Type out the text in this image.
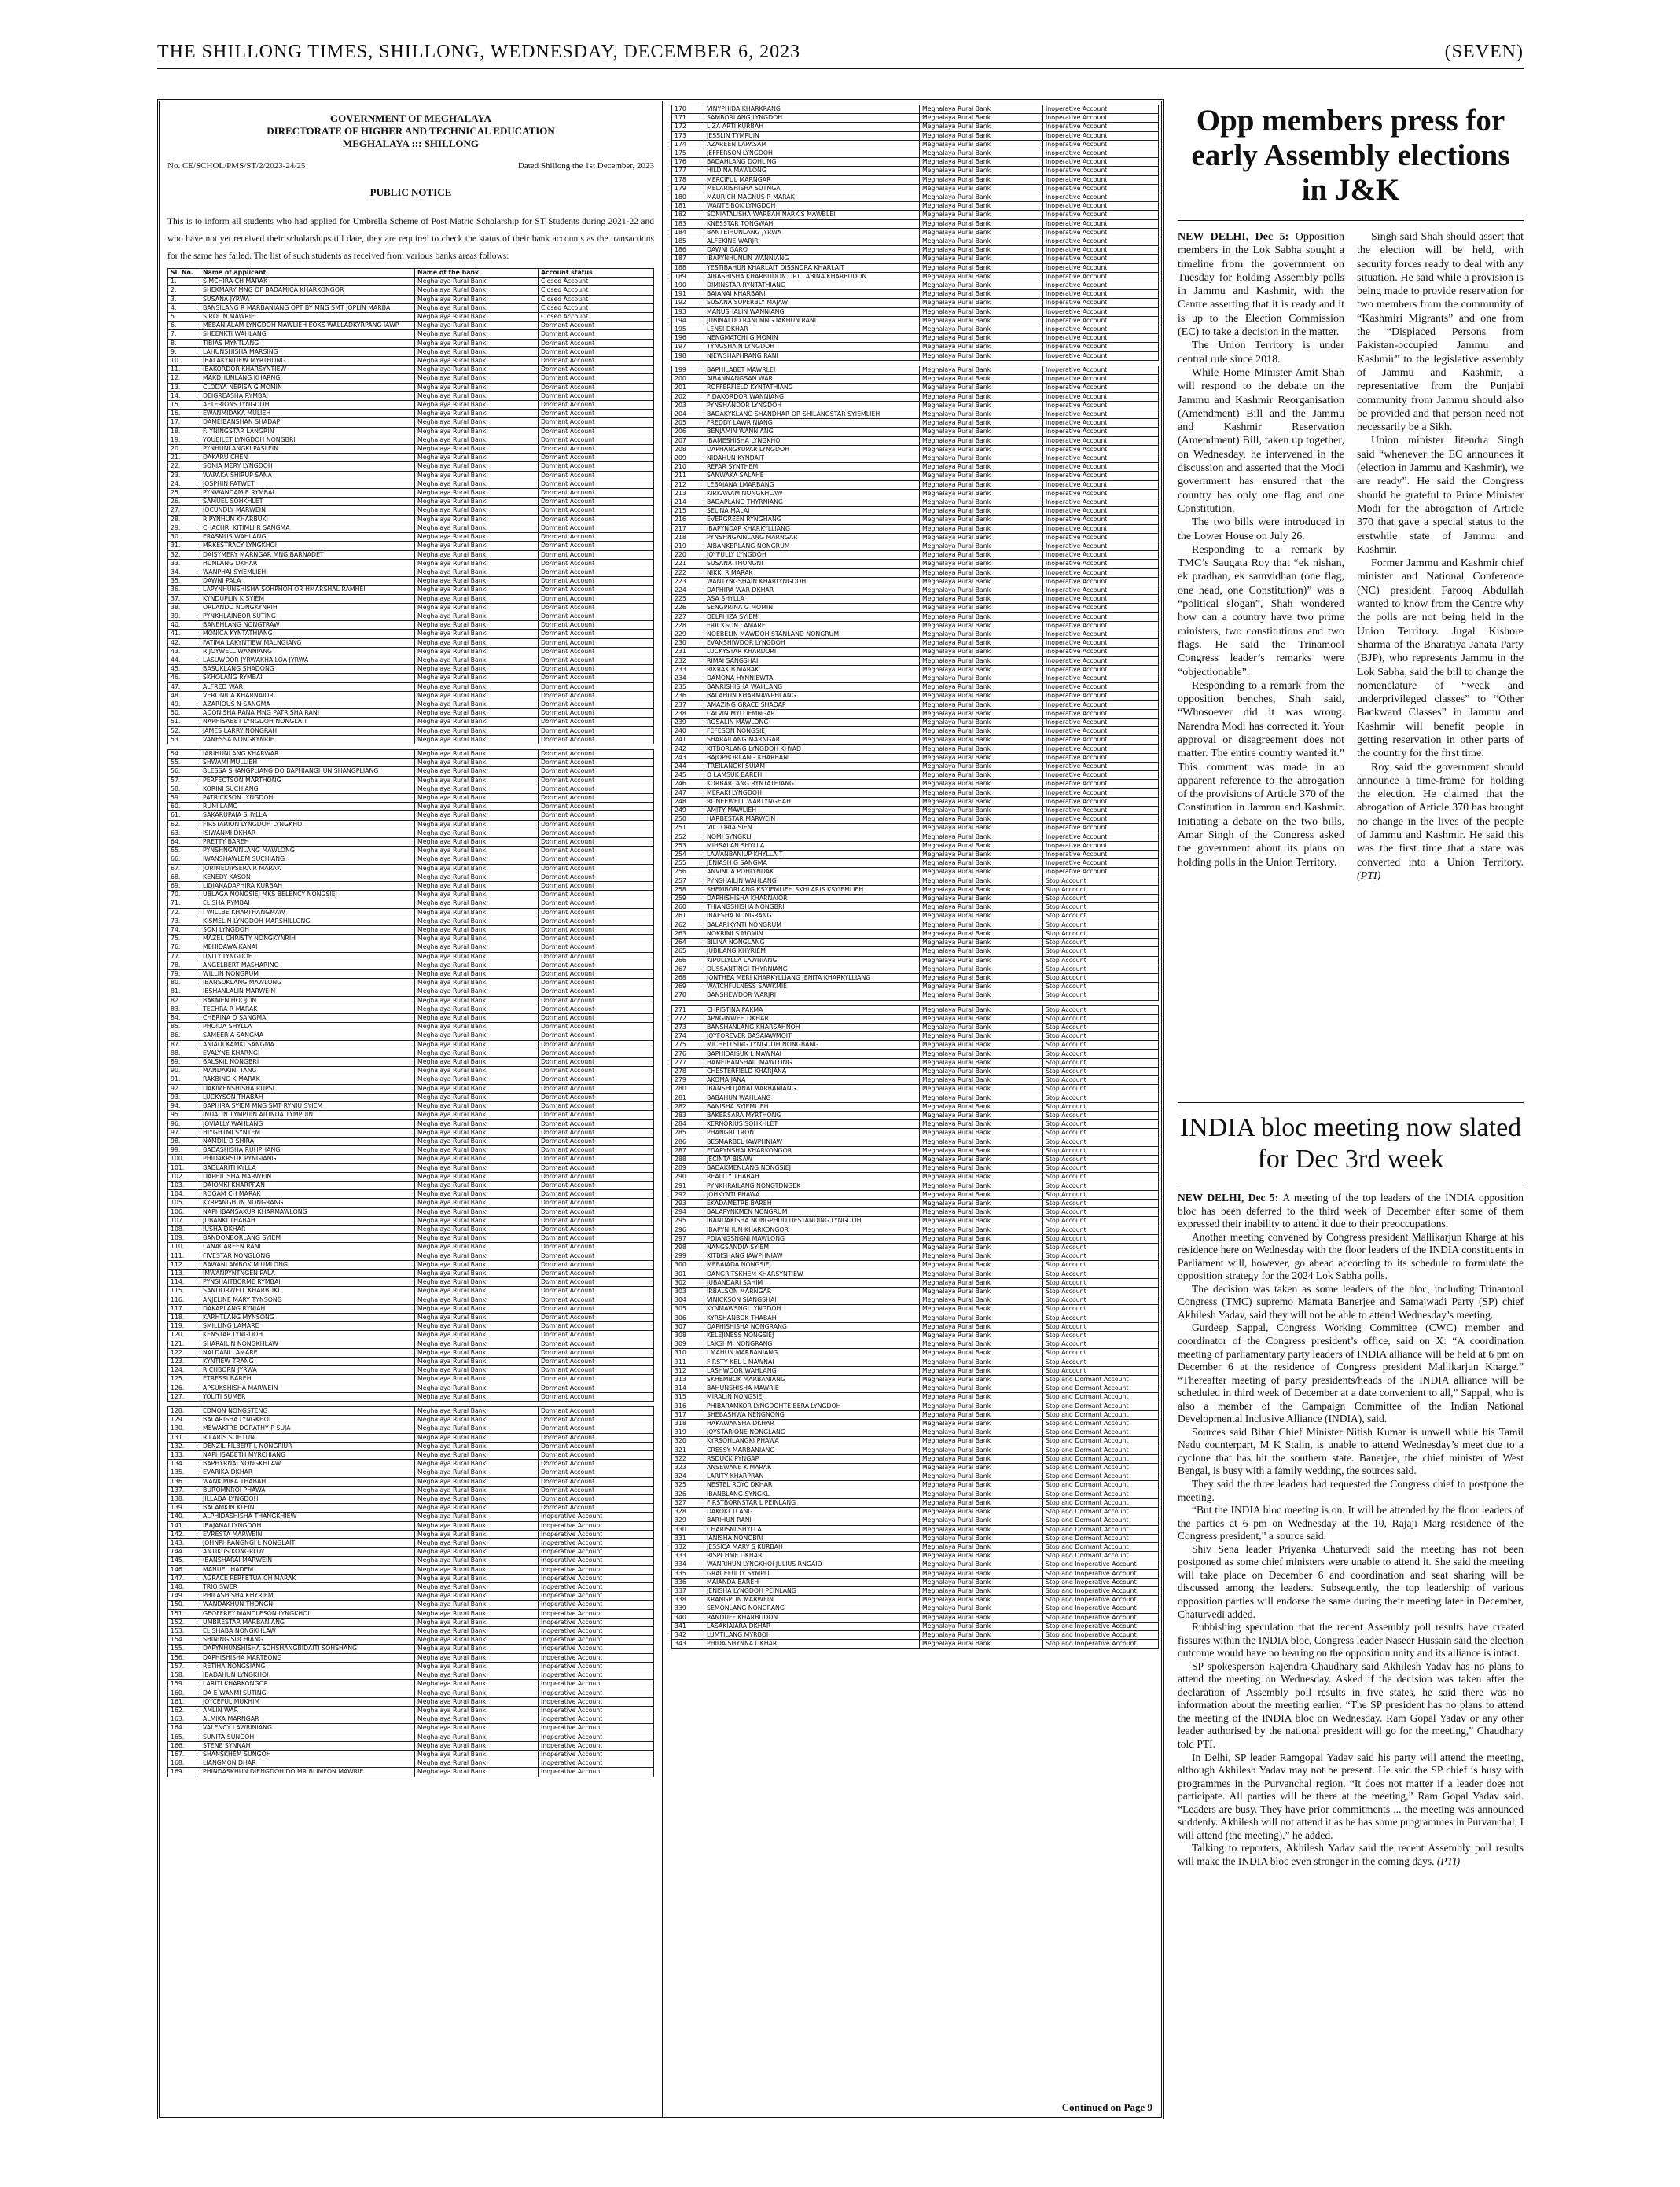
THE SHILLONG TIMES, SHILLONG, WEDNESDAY, DECEMBER 6, 2023	(SEVEN)
GOVERNMENT OF MEGHALAYA
DIRECTORATE OF HIGHER AND TECHNICAL EDUCATION
MEGHALAYA ::: SHILLONG
No. CE/SCHOL/PMS/ST/2/2023-24/25	Dated Shillong the 1st December, 2023
PUBLIC NOTICE
This is to inform all students who had applied for Umbrella Scheme of Post Matric Scholarship for ST Students during 2021-22 and who have not yet received their scholarships till date, they are required to check the status of their bank accounts as the transactions for the same has failed. The list of such students as received from various banks areas follows:
Sl. No.	Name of applicant	Name of the bank	Account status
1.	S.MCHIRA CH MARAK	Meghalaya Rural Bank	Closed Account
2.	SHEKMARY MNG OF BADAMICA KHARKONGOR	Meghalaya Rural Bank	Closed Account
3.	SUSANA JYRWA	Meghalaya Rural Bank	Closed Account
4.	BANSILANG R MARBANIANG OPT BY MNG SMT JOPLIN MARBA	Meghalaya Rural Bank	Closed Account
5.	S.ROLIN MAWRIE	Meghalaya Rural Bank	Closed Account
6.	MEBANIALAM LYNGDOH MAWLIEH EOKS WALLADKYRPANG IAWP	Meghalaya Rural Bank	Dormant Account
7.	SHEENKTI WAHLANG	Meghalaya Rural Bank	Dormant Account
8.	TIBIAS MYNTLANG	Meghalaya Rural Bank	Dormant Account
9.	LAHUNSHISHA MARSING	Meghalaya Rural Bank	Dormant Account
10.	IBALAKYNTIEW MYRTHONG	Meghalaya Rural Bank	Dormant Account
11.	IBAKORDOR KHARSYNTIEW	Meghalaya Rural Bank	Dormant Account
12.	MAKDHUNLANG KHARNGI	Meghalaya Rural Bank	Dormant Account
13.	CLODYA NERISA G MOMIN	Meghalaya Rural Bank	Dormant Account
14.	DEIGREASHA RYMBAI	Meghalaya Rural Bank	Dormant Account
15.	AFTERIONS LYNGDOH	Meghalaya Rural Bank	Dormant Account
16.	EWANMIDAKA MULIEH	Meghalaya Rural Bank	Dormant Account
17.	DAMEIBANSHAN SHADAP	Meghalaya Rural Bank	Dormant Account
18.	F. YNINGSTAR LANGRIN	Meghalaya Rural Bank	Dormant Account
19.	YOUBILET LYNGDOH NONGBRI	Meghalaya Rural Bank	Dormant Account
20.	PYNHUNLANGKI PASLEIN	Meghalaya Rural Bank	Dormant Account
21.	DAKARU CHEN	Meghalaya Rural Bank	Dormant Account
22.	SONIA MERY LYNGDOH	Meghalaya Rural Bank	Dormant Account
23.	WAPAKA SHIRUP SANA	Meghalaya Rural Bank	Dormant Account
24.	JOSPHIN PATWET	Meghalaya Rural Bank	Dormant Account
25.	PYNWANDAMIE RYMBAI	Meghalaya Rural Bank	Dormant Account
26.	SAMUEL SOHKHLET	Meghalaya Rural Bank	Dormant Account
27.	IOCUNDLY MARWEIN	Meghalaya Rural Bank	Dormant Account
28.	RIPYNHUN KHARBUKI	Meghalaya Rural Bank	Dormant Account
29.	CHACHRI KITIMLI R SANGMA	Meghalaya Rural Bank	Dormant Account
30.	ERASMUS WAHLANG	Meghalaya Rural Bank	Dormant Account
31.	MRKESTRACY LYNGKHOI	Meghalaya Rural Bank	Dormant Account
32.	DAISYMERY MARNGAR MNG BARNADET	Meghalaya Rural Bank	Dormant Account
33.	HUNLANG DKHAR	Meghalaya Rural Bank	Dormant Account
34.	WANPHAI SYIEMLIEH	Meghalaya Rural Bank	Dormant Account
35.	DAWNI PALA	Meghalaya Rural Bank	Dormant Account
36.	LAPYNHUNSHISHA SOHPHOH OR HMARSHAL RAMHEI	Meghalaya Rural Bank	Dormant Account
37.	KYNDUPLIN K SYIEM	Meghalaya Rural Bank	Dormant Account
38.	ORLANDO NONGKYNRIH	Meghalaya Rural Bank	Dormant Account
39.	PYNKHLAINBOR SUTING	Meghalaya Rural Bank	Dormant Account
40.	BANEHLANG NONGTRAW	Meghalaya Rural Bank	Dormant Account
41.	MONICA KYNTATHIANG	Meghalaya Rural Bank	Dormant Account
42.	FATIMA LAKYNTIEW MALNGIANG	Meghalaya Rural Bank	Dormant Account
43.	RIJOYWELL WANNIANG	Meghalaya Rural Bank	Dormant Account
44.	LASUWDOR JYRWAKHAILOA JYRWA	Meghalaya Rural Bank	Dormant Account
45.	BASUKLANG SHADONG	Meghalaya Rural Bank	Dormant Account
46.	SKHOLANG RYMBAI	Meghalaya Rural Bank	Dormant Account
47.	ALFRED WAR	Meghalaya Rural Bank	Dormant Account
48.	VERONICA KHARNAIOR	Meghalaya Rural Bank	Dormant Account
49.	AZARIOUS N SANGMA	Meghalaya Rural Bank	Dormant Account
50.	ADONISHA RANA MNG PATRISHA RANI	Meghalaya Rural Bank	Dormant Account
51.	NAPHISABET LYNGDOH NONGLAIT	Meghalaya Rural Bank	Dormant Account
52.	JAMES LARRY NONGRAH	Meghalaya Rural Bank	Dormant Account
53.	VANESSA NONGKYNRIH	Meghalaya Rural Bank	Dormant Account
54.	IARIHUNLANG KHARWAR	Meghalaya Rural Bank	Dormant Account
55.	SHWAMI MULLIEH	Meghalaya Rural Bank	Dormant Account
56.	BLESSA SHANGPLIANG DO BAPHIANGHUN SHANGPLIANG	Meghalaya Rural Bank	Dormant Account
57.	PERFECTSON MARTHONG	Meghalaya Rural Bank	Dormant Account
58.	KORINI SUCHIANG	Meghalaya Rural Bank	Dormant Account
59.	PATRICKSON LYNGDOH	Meghalaya Rural Bank	Dormant Account
60.	RUNI LAMO	Meghalaya Rural Bank	Dormant Account
61.	SAKARUPAIA SHYLLA	Meghalaya Rural Bank	Dormant Account
62.	FIRSTARION LYNGDOH LYNGKHOI	Meghalaya Rural Bank	Dormant Account
63.	ISIWANMI DKHAR	Meghalaya Rural Bank	Dormant Account
64.	PRETTY BAREH	Meghalaya Rural Bank	Dormant Account
65.	PYNSHNGAINLANG MAWLONG	Meghalaya Rural Bank	Dormant Account
66.	IWANSHAWLEM SUCHIANG	Meghalaya Rural Bank	Dormant Account
67.	JORIMEDIPSERA R MARAK	Meghalaya Rural Bank	Dormant Account
68.	KENEDY KASON	Meghalaya Rural Bank	Dormant Account
69.	LIDIANADAPHIRA KURBAH	Meghalaya Rural Bank	Dormant Account
70.	UBLAGA NONGSIEJ MKS BELENCY NONGSIEJ	Meghalaya Rural Bank	Dormant Account
71.	ELISHA RYMBAI	Meghalaya Rural Bank	Dormant Account
72.	I WILLBE KHARTHANGMAW	Meghalaya Rural Bank	Dormant Account
73.	KISMELIN LYNGDOH MARSHILLONG	Meghalaya Rural Bank	Dormant Account
74.	SOKI LYNGDOH	Meghalaya Rural Bank	Dormant Account
75.	MAZEL CHRISTY NONGKYNRIH	Meghalaya Rural Bank	Dormant Account
76.	MEHIDAWA KANAI	Meghalaya Rural Bank	Dormant Account
77.	UNITY LYNGDOH	Meghalaya Rural Bank	Dormant Account
78.	ANGELBERT MASHARING	Meghalaya Rural Bank	Dormant Account
79.	WILLIN NONGRUM	Meghalaya Rural Bank	Dormant Account
80.	IBANSUKLANG MAWLONG	Meghalaya Rural Bank	Dormant Account
81.	IBSHANLALIN MARWEIN	Meghalaya Rural Bank	Dormant Account
82.	BAKMEN HOOJON	Meghalaya Rural Bank	Dormant Account
83.	TECHRA R MARAK	Meghalaya Rural Bank	Dormant Account
84.	CHERINA D SANGMA	Meghalaya Rural Bank	Dormant Account
85.	PHOIDA SHYLLA	Meghalaya Rural Bank	Dormant Account
86.	SAMEER A SANGMA	Meghalaya Rural Bank	Dormant Account
87.	ANIADI KAMKI SANGMA	Meghalaya Rural Bank	Dormant Account
88.	EVALYNE KHARNGI	Meghalaya Rural Bank	Dormant Account
89.	BALSKIL NONGBRI	Meghalaya Rural Bank	Dormant Account
90.	MANDAKINI TANG	Meghalaya Rural Bank	Dormant Account
91.	RAKBING K MARAK	Meghalaya Rural Bank	Dormant Account
92.	DAKIMENSHISHA RUPSI	Meghalaya Rural Bank	Dormant Account
93.	LUCKYSON THABAH	Meghalaya Rural Bank	Dormant Account
94.	BAPHIRA SYIEM MNG SMT RYNJU SYIEM	Meghalaya Rural Bank	Dormant Account
95.	INDALIN TYMPUIN AILINDA TYMPUIN	Meghalaya Rural Bank	Dormant Account
96.	JOVIALLY WAHLANG	Meghalaya Rural Bank	Dormant Account
97.	HIYGHTMI SYNTEM	Meghalaya Rural Bank	Dormant Account
98.	NAMDIL D SHIRA	Meghalaya Rural Bank	Dormant Account
99.	BADASHISHA RUHPHANG	Meghalaya Rural Bank	Dormant Account
100.	PHIDAKRSUK PYNGIANG	Meghalaya Rural Bank	Dormant Account
101.	BADLARITI KYLLA	Meghalaya Rural Bank	Dormant Account
102.	DAPHILISHA MARWEIN	Meghalaya Rural Bank	Dormant Account
103.	DAIOMKI KHARPRAN	Meghalaya Rural Bank	Dormant Account
104.	ROGAM CH MARAK	Meghalaya Rural Bank	Dormant Account
105.	KYRPANGHUN NONGRANG	Meghalaya Rural Bank	Dormant Account
106.	NAPHIBANSAKUR KHARMAWLONG	Meghalaya Rural Bank	Dormant Account
107.	JUBANKI THABAH	Meghalaya Rural Bank	Dormant Account
108.	IUSHA DKHAR	Meghalaya Rural Bank	Dormant Account
109.	BANDONBORLANG SYIEM	Meghalaya Rural Bank	Dormant Account
110.	LANACAREEN RANI	Meghalaya Rural Bank	Dormant Account
111.	FIVESTAR NONGLONG	Meghalaya Rural Bank	Dormant Account
112.	BAWANLAMBOK M UMLONG	Meghalaya Rural Bank	Dormant Account
113.	IMWANPYNTNGEN PALA	Meghalaya Rural Bank	Dormant Account
114.	PYNSHAITBORME RYMBAI	Meghalaya Rural Bank	Dormant Account
115.	SANDORWELL KHARBUKI	Meghalaya Rural Bank	Dormant Account
116.	ANJELINE MARY TYNSONG	Meghalaya Rural Bank	Dormant Account
117.	DAKAPLANG RYNJAH	Meghalaya Rural Bank	Dormant Account
118.	KARHTLANG MYNSONG	Meghalaya Rural Bank	Dormant Account
119.	SMILLING LAMARE	Meghalaya Rural Bank	Dormant Account
120.	KENSTAR LYNGDOH	Meghalaya Rural Bank	Dormant Account
121.	SHARAILIN NONGKHLAW	Meghalaya Rural Bank	Dormant Account
122.	NALDANI LAMARE	Meghalaya Rural Bank	Dormant Account
123.	KYNTIEW TRANG	Meghalaya Rural Bank	Dormant Account
124.	RICHBORN JYRWA	Meghalaya Rural Bank	Dormant Account
125.	ETRESSI BAREH	Meghalaya Rural Bank	Dormant Account
126.	APSUKSHISHA MARWEIN	Meghalaya Rural Bank	Dormant Account
127.	YOLITI SUMER	Meghalaya Rural Bank	Dormant Account
128.	EDMON NONGSTENG	Meghalaya Rural Bank	Dormant Account
129.	BALARISHA LYNGKHOI	Meghalaya Rural Bank	Dormant Account
130.	MEWAKTRE DORATHY P SUJA	Meghalaya Rural Bank	Dormant Account
131.	RILARIS SOHTUN	Meghalaya Rural Bank	Dormant Account
132.	DENZIL FILBERT L NONGPIUR	Meghalaya Rural Bank	Dormant Account
133.	NAPHISABETH MYRCHIANG	Meghalaya Rural Bank	Dormant Account
134.	BAPHYRNAI NONGKHLAW	Meghalaya Rural Bank	Dormant Account
135.	EVARIKA DKHAR	Meghalaya Rural Bank	Dormant Account
136.	WANKIMIKA THABAH	Meghalaya Rural Bank	Dormant Account
137.	BUROMNROI PHAWA	Meghalaya Rural Bank	Dormant Account
138.	JILLADA LYNGDOH	Meghalaya Rural Bank	Dormant Account
139.	BALAMKIN KLEIN	Meghalaya Rural Bank	Dormant Account
140.	ALPHIDASHISHA THANGKHIEW	Meghalaya Rural Bank	Inoperative Account
141.	IBAJANAI LYNGDOH	Meghalaya Rural Bank	Inoperative Account
142.	EVRESTA MARWEIN	Meghalaya Rural Bank	Inoperative Account
143.	JOHNPHRANGNGI L NONGLAIT	Meghalaya Rural Bank	Inoperative Account
144.	ANTIKUS KONGROW	Meghalaya Rural Bank	Inoperative Account
145.	IBANSHARAI MARWEIN	Meghalaya Rural Bank	Inoperative Account
146.	MANUEL HADEM	Meghalaya Rural Bank	Inoperative Account
147.	AGRACE PERFETUA CH MARAK	Meghalaya Rural Bank	Inoperative Account
148.	TRIO SWER	Meghalaya Rural Bank	Inoperative Account
149.	PHILASHISHA KHYRIEM	Meghalaya Rural Bank	Inoperative Account
150.	WANDAKHUN THONGNI	Meghalaya Rural Bank	Inoperative Account
151.	GEOFFREY MANDLESON LYNGKHOI	Meghalaya Rural Bank	Inoperative Account
152.	UMBRESTAR MARBANIANG	Meghalaya Rural Bank	Inoperative Account
153.	ELISHABA NONGKHLAW	Meghalaya Rural Bank	Inoperative Account
154.	SHINING SUCHIANG	Meghalaya Rural Bank	Inoperative Account
155.	DAPYNHUNSHISHA SOHSHANGBIDAITI SOHSHANG	Meghalaya Rural Bank	Inoperative Account
156.	DAPHISHISHA MARTEONG	Meghalaya Rural Bank	Inoperative Account
157.	RETIHA NONGSIANG	Meghalaya Rural Bank	Inoperative Account
158.	IBADAHUN LYNGKHOI	Meghalaya Rural Bank	Inoperative Account
159.	LARITI KHARKONGOR	Meghalaya Rural Bank	Inoperative Account
160.	DA E WANMI SUTING	Meghalaya Rural Bank	Inoperative Account
161.	JOYCEFUL MUKHIM	Meghalaya Rural Bank	Inoperative Account
162.	AMLIN WAR	Meghalaya Rural Bank	Inoperative Account
163.	ALMIKA MARNGAR	Meghalaya Rural Bank	Inoperative Account
164.	VALENCY LAWRINIANG	Meghalaya Rural Bank	Inoperative Account
165.	SUNITA SUNGOH	Meghalaya Rural Bank	Inoperative Account
166.	STENE SYNNAH	Meghalaya Rural Bank	Inoperative Account
167.	SHANSKHEM SUNGOH	Meghalaya Rural Bank	Inoperative Account
168.	LIANGMON DHAR	Meghalaya Rural Bank	Inoperative Account
169.	PHINDASKHUN DIENGDOH DO MR BLIMFON MAWRIE	Meghalaya Rural Bank	Inoperative Account
170	VINYPHIDA KHARKRANG	Meghalaya Rural Bank	Inoperative Account
171	SAMBORLANG LYNGDOH	Meghalaya Rural Bank	Inoperative Account
172	LIZA ARTI KURBAH	Meghalaya Rural Bank	Inoperative Account
173	JESSLIN TYMPUIN	Meghalaya Rural Bank	Inoperative Account
174	AZAREEN LAPASAM	Meghalaya Rural Bank	Inoperative Account
175	JEFFERSON LYNGDOH	Meghalaya Rural Bank	Inoperative Account
176	BADAHLANG DOHLING	Meghalaya Rural Bank	Inoperative Account
177	HILDINA MAWLONG	Meghalaya Rural Bank	Inoperative Account
178	MERCIFUL MARNGAR	Meghalaya Rural Bank	Inoperative Account
179	MELARISHISHA SUTNGA	Meghalaya Rural Bank	Inoperative Account
180	MAURICH MAGNUS R MARAK	Meghalaya Rural Bank	Inoperative Account
181	WANTEIBOK LYNGDOH	Meghalaya Rural Bank	Inoperative Account
182	SONIATALISHA WARBAH NARKIS MAWBLEI	Meghalaya Rural Bank	Inoperative Account
183	KNESSTAR TONGWAH	Meghalaya Rural Bank	Inoperative Account
184	BANTEIHUNLANG JYRWA	Meghalaya Rural Bank	Inoperative Account
185	ALFEKINE WARJRI	Meghalaya Rural Bank	Inoperative Account
186	DAWNI GARO	Meghalaya Rural Bank	Inoperative Account
187	IBAPYNHUNLIN WANNIANG	Meghalaya Rural Bank	Inoperative Account
188	YESTIBAHUN KHARLAIT DISSNORA KHARLAIT	Meghalaya Rural Bank	Inoperative Account
189	AIBASHISHA KHARBUDON OPT LABINA KHARBUDON	Meghalaya Rural Bank	Inoperative Account
190	DIMINSTAR RYNTATHIANG	Meghalaya Rural Bank	Inoperative Account
191	BAIANAI KHARBANI	Meghalaya Rural Bank	Inoperative Account
192	SUSANA SUPERBLY MAJAW	Meghalaya Rural Bank	Inoperative Account
193	MANUSHALIN WANNIANG	Meghalaya Rural Bank	Inoperative Account
194	JUBINALDO RANI MNG IAKHUN RANI	Meghalaya Rural Bank	Inoperative Account
195	LENSI DKHAR	Meghalaya Rural Bank	Inoperative Account
196	NENGMATCHI G MOMIN	Meghalaya Rural Bank	Inoperative Account
197	TYNGSHAIN LYNGDOH	Meghalaya Rural Bank	Inoperative Account
198	NJEWSHAPHRANG RANI	Meghalaya Rural Bank	Inoperative Account
199	BAPHILABET MAWRLEI	Meghalaya Rural Bank	Inoperative Account
200	AIBANNANGSAN WAR	Meghalaya Rural Bank	Inoperative Account
201	ROFFERFIELD KYNTATHIANG	Meghalaya Rural Bank	Inoperative Account
202	FIDAKORDOR WANNIANG	Meghalaya Rural Bank	Inoperative Account
203	PYNSHANDOR LYNGDOH	Meghalaya Rural Bank	Inoperative Account
204	BADAKYKLANG SHANDHAR OR SHILANGSTAR SYIEMLIEH	Meghalaya Rural Bank	Inoperative Account
205	FREDDY LAWRINIANG	Meghalaya Rural Bank	Inoperative Account
206	BENJAMIN WANNIANG	Meghalaya Rural Bank	Inoperative Account
207	IBAMESHISHA LYNGKHOI	Meghalaya Rural Bank	Inoperative Account
208	DAPHANGKUPAR LYNGDOH	Meghalaya Rural Bank	Inoperative Account
209	NIDAHUN KYNDAIT	Meghalaya Rural Bank	Inoperative Account
210	REFAR SYNTHEM	Meghalaya Rural Bank	Inoperative Account
211	SANWAKA SALAHE	Meghalaya Rural Bank	Inoperative Account
212	LEBAIANA LMARBANG	Meghalaya Rural Bank	Inoperative Account
213	KIRKAWAM NONGKHLAW	Meghalaya Rural Bank	Inoperative Account
214	BADAPLANG THYRNIANG	Meghalaya Rural Bank	Inoperative Account
215	SELINA MALAI	Meghalaya Rural Bank	Inoperative Account
216	EVERGREEN RYNGHANG	Meghalaya Rural Bank	Inoperative Account
217	IBAPYNDAP KHARKYLLIANG	Meghalaya Rural Bank	Inoperative Account
218	PYNSHNGAINLANG MARNGAR	Meghalaya Rural Bank	Inoperative Account
219	AIBANKERLANG NONGRUM	Meghalaya Rural Bank	Inoperative Account
220	JOYFULLY LYNGDOH	Meghalaya Rural Bank	Inoperative Account
221	SUSANA THONGNI	Meghalaya Rural Bank	Inoperative Account
222	NIKKI R MARAK	Meghalaya Rural Bank	Inoperative Account
223	WANTYNGSHAIN KHARLYNGDOH	Meghalaya Rural Bank	Inoperative Account
224	DAPHIRA WAR DKHAR	Meghalaya Rural Bank	Inoperative Account
225	ASA SHYLLA	Meghalaya Rural Bank	Inoperative Account
226	SENGPRINA G MOMIN	Meghalaya Rural Bank	Inoperative Account
227	DELPHIZA SYIEM	Meghalaya Rural Bank	Inoperative Account
228	ERICKSON LAMARE	Meghalaya Rural Bank	Inoperative Account
229	NOEBELIN MAWDOH STANLAND NONGRUM	Meghalaya Rural Bank	Inoperative Account
230	EVANSHIWDOR LYNGDOH	Meghalaya Rural Bank	Inoperative Account
231	LUCKYSTAR KHARDURI	Meghalaya Rural Bank	Inoperative Account
232	RIMAI SANGSHAI	Meghalaya Rural Bank	Inoperative Account
233	RIKRAK B MARAK	Meghalaya Rural Bank	Inoperative Account
234	DAMONA HYNNIEWTA	Meghalaya Rural Bank	Inoperative Account
235	BANRISHISHA WAHLANG	Meghalaya Rural Bank	Inoperative Account
236	BALAHUN KHARMAWPHLANG	Meghalaya Rural Bank	Inoperative Account
237	AMAZING GRACE SHADAP	Meghalaya Rural Bank	Inoperative Account
238	CALVIN MYLLIEMNGAP	Meghalaya Rural Bank	Inoperative Account
239	ROSALIN MAWLONG	Meghalaya Rural Bank	Inoperative Account
240	FEFESON NONGSIEJ	Meghalaya Rural Bank	Inoperative Account
241	SHARAILANG MARNGAR	Meghalaya Rural Bank	Inoperative Account
242	KITBORLANG LYNGDOH KHYAD	Meghalaya Rural Bank	Inoperative Account
243	BAJOPBORLANG KHARBANI	Meghalaya Rural Bank	Inoperative Account
244	TREILANGKI SUIAM	Meghalaya Rural Bank	Inoperative Account
245	D LAMSUK BAREH	Meghalaya Rural Bank	Inoperative Account
246	KORBARLANG RYNTATHIANG	Meghalaya Rural Bank	Inoperative Account
247	MERAKI LYNGDOH	Meghalaya Rural Bank	Inoperative Account
248	RONEEWELL WARTYNGHAH	Meghalaya Rural Bank	Inoperative Account
249	AMITY MAWLIEH	Meghalaya Rural Bank	Inoperative Account
250	HARBESTAR MARWEIN	Meghalaya Rural Bank	Inoperative Account
251	VICTORIA SIEN	Meghalaya Rural Bank	Inoperative Account
252	NOMI SYNGKLI	Meghalaya Rural Bank	Inoperative Account
253	MIHSALAN SHYLLA	Meghalaya Rural Bank	Inoperative Account
254	LAWANBANIUP KHYLLAIT	Meghalaya Rural Bank	Inoperative Account
255	JENIASH G SANGMA	Meghalaya Rural Bank	Inoperative Account
256	ANVINDA POHLYNDAK	Meghalaya Rural Bank	Inoperative Account
257	PYNSHAILIN WAHLANG	Meghalaya Rural Bank	Stop Account
258	SHEMBORLANG KSYIEMLIEH SKHLARIS KSYIEMLIEH	Meghalaya Rural Bank	Stop Account
259	DAPHISHISHA KHARNAIOR	Meghalaya Rural Bank	Stop Account
260	THIANGSHISHA NONGBRI	Meghalaya Rural Bank	Stop Account
261	IBAESHA NONGRANG	Meghalaya Rural Bank	Stop Account
262	BALARIKYNTI NONGRUM	Meghalaya Rural Bank	Stop Account
263	NOKRIMI S MOMIN	Meghalaya Rural Bank	Stop Account
264	BILINA NONGLANG	Meghalaya Rural Bank	Stop Account
265	JUBILANG KHYRIEM	Meghalaya Rural Bank	Stop Account
266	KIPULLYLLA LAWNIANG	Meghalaya Rural Bank	Stop Account
267	DUSSANTINGI THYRNIANG	Meghalaya Rural Bank	Stop Account
268	JONTHEA MERI KHARKYLLIANG JENITA KHARKYLLIANG	Meghalaya Rural Bank	Stop Account
269	WATCHFULNESS SAWKMIE	Meghalaya Rural Bank	Stop Account
270	BANSHEWDOR WARJRI	Meghalaya Rural Bank	Stop Account
271	CHRISTINA PAKMA	Meghalaya Rural Bank	Stop Account
272	APNGINWEH DKHAR	Meghalaya Rural Bank	Stop Account
273	BANSHANLANG KHARSAHNOH	Meghalaya Rural Bank	Stop Account
274	JOYFOREVER BASAIAWMOIT	Meghalaya Rural Bank	Stop Account
275	MICHELLSING LYNGDOH NONGBANG	Meghalaya Rural Bank	Stop Account
276	BAPHIDAISUK L MAWNAI	Meghalaya Rural Bank	Stop Account
277	HAMEIBANSHAIL MAWLONG	Meghalaya Rural Bank	Stop Account
278	CHESTERFIELD KHARJANA	Meghalaya Rural Bank	Stop Account
279	AKOMA JANA	Meghalaya Rural Bank	Stop Account
280	IBANSHITJANAI MARBANIANG	Meghalaya Rural Bank	Stop Account
281	BABAHUN WAHLANG	Meghalaya Rural Bank	Stop Account
282	BANISHA SYIEMLIEH	Meghalaya Rural Bank	Stop Account
283	BAKERSARA MYRTHONG	Meghalaya Rural Bank	Stop Account
284	KERNORIUS SOHKHLET	Meghalaya Rural Bank	Stop Account
285	PHANGRI TRON	Meghalaya Rural Bank	Stop Account
286	BESMARBEL IAWPHNIAW	Meghalaya Rural Bank	Stop Account
287	EDAPYNSHAI KHARKONGOR	Meghalaya Rural Bank	Stop Account
288	JECINTA BISAW	Meghalaya Rural Bank	Stop Account
289	BADAKMENLANG NONGSIEJ	Meghalaya Rural Bank	Stop Account
290	REALITY THABAH	Meghalaya Rural Bank	Stop Account
291	PYNKHRAILANG NONGTDNGEK	Meghalaya Rural Bank	Stop Account
292	JOHKYNTI PHAWA	Meghalaya Rural Bank	Stop Account
293	EKADAMETRE BAREH	Meghalaya Rural Bank	Stop Account
294	BALAPYNKMEN NONGRUM	Meghalaya Rural Bank	Stop Account
295	IBANDAKISHA NONGPHUD DESTANDING LYNGDOH	Meghalaya Rural Bank	Stop Account
296	IBAPYNHUN KHARKONGOR	Meghalaya Rural Bank	Stop Account
297	PDIANGSNGNI MAWLONG	Meghalaya Rural Bank	Stop Account
298	NANGSANDIA SYIEM	Meghalaya Rural Bank	Stop Account
299	KITBISHANG IAWPHNIAW	Meghalaya Rural Bank	Stop Account
300	MEBAIADA NONGSIEJ	Meghalaya Rural Bank	Stop Account
301	DANGRITSKHEM KHARSYNTIEW	Meghalaya Rural Bank	Stop Account
302	JUBANDARI SAHIM	Meghalaya Rural Bank	Stop Account
303	IRBALSON MARNGAR	Meghalaya Rural Bank	Stop Account
304	VINICKSON SIANGSHAI	Meghalaya Rural Bank	Stop Account
305	KYNMAWSNGI LYNGDOH	Meghalaya Rural Bank	Stop Account
306	KYRSHANBOK THABAH	Meghalaya Rural Bank	Stop Account
307	DAPHISHISHA NONGRANG	Meghalaya Rural Bank	Stop Account
308	KELEJINESS NONGSIEJ	Meghalaya Rural Bank	Stop Account
309	LAKSHMI NONGRANG	Meghalaya Rural Bank	Stop Account
310	I MAHUN MARBANIANG	Meghalaya Rural Bank	Stop Account
311	FIRSTY KEL L MAWNAI	Meghalaya Rural Bank	Stop Account
312	LASHWDOR WAHLANG	Meghalaya Rural Bank	Stop Account
313	SKHEMBOK MARBANIANG	Meghalaya Rural Bank	Stop and Dormant Account
314	BAHUNSHISHA MAWRIE	Meghalaya Rural Bank	Stop and Dormant Account
315	MIRALIN NONGSIEJ	Meghalaya Rural Bank	Stop and Dormant Account
316	PHIBARAMKOR LYNGDOHTEIBERA LYNGDOH	Meghalaya Rural Bank	Stop and Dormant Account
317	SHEBASHWA NENGNONG	Meghalaya Rural Bank	Stop and Dormant Account
318	HAKAWANSHA DKHAR	Meghalaya Rural Bank	Stop and Dormant Account
319	JOYSTARJONE NONGLANG	Meghalaya Rural Bank	Stop and Dormant Account
320	KYRSOHLANGKI PHAWA	Meghalaya Rural Bank	Stop and Dormant Account
321	CRESSY MARBANIANG	Meghalaya Rural Bank	Stop and Dormant Account
322	RSDUCK PYNGAP	Meghalaya Rural Bank	Stop and Dormant Account
323	ANSEWANE K MARAK	Meghalaya Rural Bank	Stop and Dormant Account
324	LARITY KHARPRAN	Meghalaya Rural Bank	Stop and Dormant Account
325	NESTEL ROYC DKHAR	Meghalaya Rural Bank	Stop and Dormant Account
326	IBANBLANG SYNGKLI	Meghalaya Rural Bank	Stop and Dormant Account
327	FIRSTBORNSTAR L PEINLANG	Meghalaya Rural Bank	Stop and Dormant Account
328	DAKOKI TLANG	Meghalaya Rural Bank	Stop and Dormant Account
329	BARIHUN RANI	Meghalaya Rural Bank	Stop and Dormant Account
330	CHARISNI SHYLLA	Meghalaya Rural Bank	Stop and Dormant Account
331	IANISHA NONGBRI	Meghalaya Rural Bank	Stop and Dormant Account
332	JESSICA MARY S KURBAH	Meghalaya Rural Bank	Stop and Dormant Account
333	RISPCHME DKHAR	Meghalaya Rural Bank	Stop and Dormant Account
334	WANRIHUN LYNGKHOI JULIUS RNGAID	Meghalaya Rural Bank	Stop and Inoperative Account
335	GRACEFULLY SYMPLI	Meghalaya Rural Bank	Stop and Inoperative Account
336	MAIANDA BAREH	Meghalaya Rural Bank	Stop and Inoperative Account
337	JENISHA LYNGDOH PEINLANG	Meghalaya Rural Bank	Stop and Inoperative Account
338	KRANGPLIN MARWEIN	Meghalaya Rural Bank	Stop and Inoperative Account
339	SEMONLANG NONGRANG	Meghalaya Rural Bank	Stop and Inoperative Account
340	RANDUFF KHARBUDON	Meghalaya Rural Bank	Stop and Inoperative Account
341	LASAKIAIARA DKHAR	Meghalaya Rural Bank	Stop and Inoperative Account
342	LUMTILANG MYRBOH	Meghalaya Rural Bank	Stop and Inoperative Account
343	PHIDA SHYNNA DKHAR	Meghalaya Rural Bank	Stop and Inoperative Account
Continued on Page 9
Opp members press for early Assembly elections in J&K

NEW DELHI, Dec 5: Opposition members in the Lok Sabha sought a timeline from the government on Tuesday for holding Assembly polls in Jammu and Kashmir, with the Centre asserting that it is ready and it is up to the Election Commission (EC) to take a decision in the matter.

The Union Territory is under central rule since 2018.

While Home Minister Amit Shah will respond to the debate on the Jammu and Kashmir Reorganisation (Amendment) Bill and the Jammu and Kashmir Reservation (Amendment) Bill, taken up together, on Wednesday, he intervened in the discussion and asserted that the Modi government has ensured that the country has only one flag and one Constitution.

The two bills were introduced in the Lower House on July 26.

Responding to a remark by TMC’s Saugata Roy that “ek nishan, ek pradhan, ek samvidhan (one flag, one head, one Constitution)” was a “political slogan”, Shah wondered how can a country have two prime ministers, two constitutions and two flags. He said the Trinamool Congress leader’s remarks were “objectionable”.

Responding to a remark from the opposition benches, Shah said, “Whosoever did it was wrong. Narendra Modi has corrected it. Your approval or disagreement does not matter. The entire country wanted it.” This comment was made in an apparent reference to the abrogation of the provisions of Article 370 of the Constitution in Jammu and Kashmir. Initiating a debate on the two bills, Amar Singh of the Congress asked the government about its plans on holding polls in the Union Territory.

Singh said Shah should assert that the election will be held, with security forces ready to deal with any situation. He said while a provision is being made to provide reservation for two members from the community of “Kashmiri Migrants” and one from the “Displaced Persons from Pakistan-occupied Jammu and Kashmir” to the legislative assembly of Jammu and Kashmir, a representative from the Punjabi community from Jammu should also be provided and that person need not necessarily be a Sikh.

Union minister Jitendra Singh said “whenever the EC announces it (election in Jammu and Kashmir), we are ready”. He said the Congress should be grateful to Prime Minister Modi for the abrogation of Article 370 that gave a special status to the erstwhile state of Jammu and Kashmir.

Former Jammu and Kashmir chief minister and National Conference (NC) president Farooq Abdullah wanted to know from the Centre why the polls are not being held in the Union Territory. Jugal Kishore Sharma of the Bharatiya Janata Party (BJP), who represents Jammu in the Lok Sabha, said the bill to change the nomenclature of “weak and underprivileged classes” to “Other Backward Classes” in Jammu and Kashmir will benefit people in getting reservation in other parts of the country for the first time.

Roy said the government should announce a time-frame for holding the election. He claimed that the abrogation of Article 370 has brought no change in the lives of the people of Jammu and Kashmir. He said this was the first time that a state was converted into a Union Territory. (PTI)

INDIA bloc meeting now slated for Dec 3rd week

NEW DELHI, Dec 5: A meeting of the top leaders of the INDIA opposition bloc has been deferred to the third week of December after some of them expressed their inability to attend it due to their preoccupations.

Another meeting convened by Congress president Mallikarjun Kharge at his residence here on Wednesday with the floor leaders of the INDIA constituents in Parliament will, however, go ahead according to its schedule to formulate the opposition strategy for the 2024 Lok Sabha polls.

The decision was taken as some leaders of the bloc, including Trinamool Congress (TMC) supremo Mamata Banerjee and Samajwadi Party (SP) chief Akhilesh Yadav, said they will not be able to attend Wednesday’s meeting.

Gurdeep Sappal, Congress Working Committee (CWC) member and coordinator of the Congress president’s office, said on X: “A coordination meeting of parliamentary party leaders of INDIA alliance will be held at 6 pm on December 6 at the residence of Congress president Mallikarjun Kharge.” “Thereafter meeting of party presidents/heads of the INDIA alliance will be scheduled in third week of December at a date convenient to all,” Sappal, who is also a member of the Campaign Committee of the Indian National Developmental Inclusive Alliance (INDIA), said.

Sources said Bihar Chief Minister Nitish Kumar is unwell while his Tamil Nadu counterpart, M K Stalin, is unable to attend Wednesday’s meet due to a cyclone that has hit the southern state. Banerjee, the chief minister of West Bengal, is busy with a family wedding, the sources said.

They said the three leaders had requested the Congress chief to postpone the meeting.

“But the INDIA bloc meeting is on. It will be attended by the floor leaders of the parties at 6 pm on Wednesday at the 10, Rajaji Marg residence of the Congress president,” a source said.

Shiv Sena leader Priyanka Chaturvedi said the meeting has not been postponed as some chief ministers were unable to attend it. She said the meeting will take place on December 6 and coordination and seat sharing will be discussed among the leaders. Subsequently, the top leadership of various opposition parties will endorse the same during their meeting later in December, Chaturvedi added.

Rubbishing speculation that the recent Assembly poll results have created fissures within the INDIA bloc, Congress leader Naseer Hussain said the election outcome would have no bearing on the opposition unity and its alliance is intact.

SP spokesperson Rajendra Chaudhary said Akhilesh Yadav has no plans to attend the meeting on Wednesday. Asked if the decision was taken after the declaration of Assembly poll results in five states, he said there was no information about the meeting earlier. “The SP president has no plans to attend the meeting of the INDIA bloc on Wednesday. Ram Gopal Yadav or any other leader authorised by the national president will go for the meeting,” Chaudhary told PTI.

In Delhi, SP leader Ramgopal Yadav said his party will attend the meeting, although Akhilesh Yadav may not be present. He said the SP chief is busy with programmes in the Purvanchal region. “It does not matter if a leader does not participate. All parties will be there at the meeting,” Ram Gopal Yadav said. “Leaders are busy. They have prior commitments ... the meeting was announced suddenly. Akhilesh will not attend it as he has some programmes in Purvanchal, I will attend (the meeting),” he added.

Talking to reporters, Akhilesh Yadav said the recent Assembly poll results will make the INDIA bloc even stronger in the coming days. (PTI)
